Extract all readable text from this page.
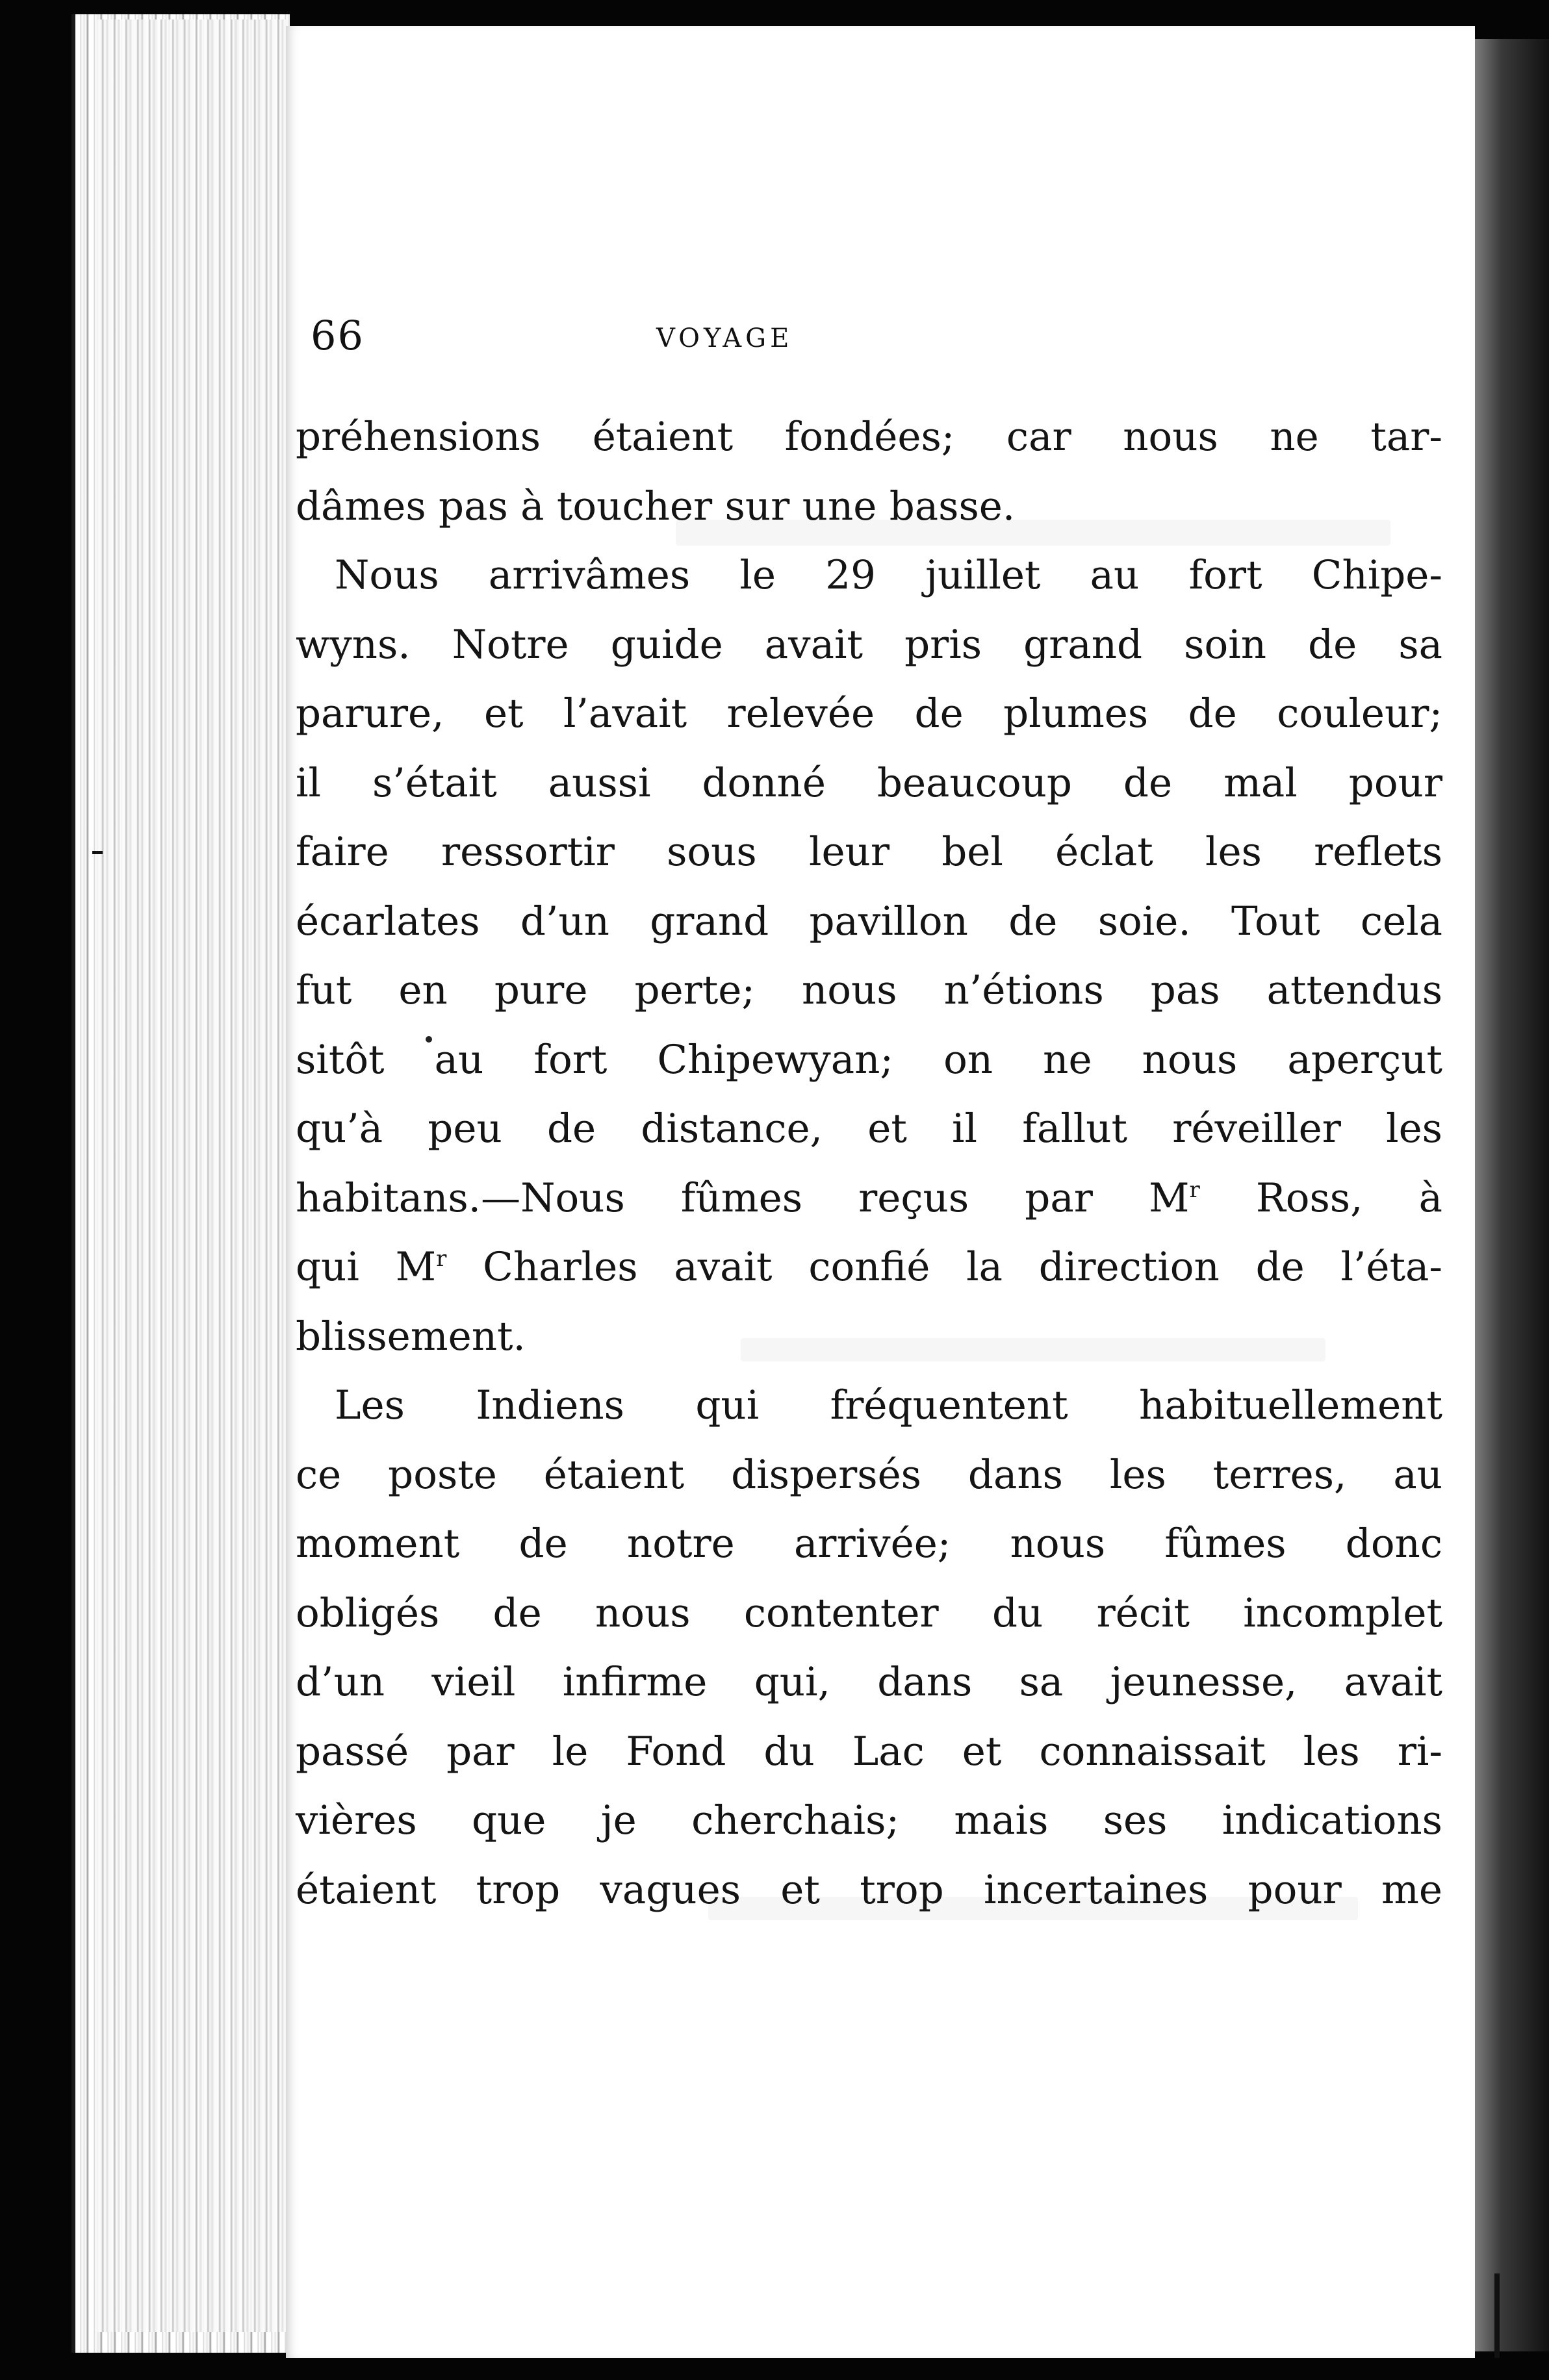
66	VOYAGE
préhensions étaient fondées; car nous ne tar-
dâmes pas à toucher sur une basse.
Nous arrivâmes le 29 juillet au fort Chipe-
wyns. Notre guide avait pris grand soin de sa
parure, et l’avait relevée de plumes de couleur;
il s’était aussi donné beaucoup de mal pour
faire ressortir sous leur bel éclat les reflets
écarlates d’un grand pavillon de soie. Tout cela
fut en pure perte; nous n’étions pas attendus
sitôt au fort Chipewyan; on ne nous aperçut
qu’à peu de distance, et il fallut réveiller les
habitans.—Nous fûmes reçus par $M^r$ Ross, à
qui $M^r$ Charles avait confié la direction de l’éta-
blissement.
Les Indiens qui fréquentent habituellement
ce poste étaient dispersés dans les terres, au
moment de notre arrivée; nous fûmes donc
obligés de nous contenter du récit incomplet
d’un vieil infirme qui, dans sa jeunesse, avait
passé par le Fond du Lac et connaissait les ri-
vières que je cherchais; mais ses indications
étaient trop vagues et trop incertaines pour me
